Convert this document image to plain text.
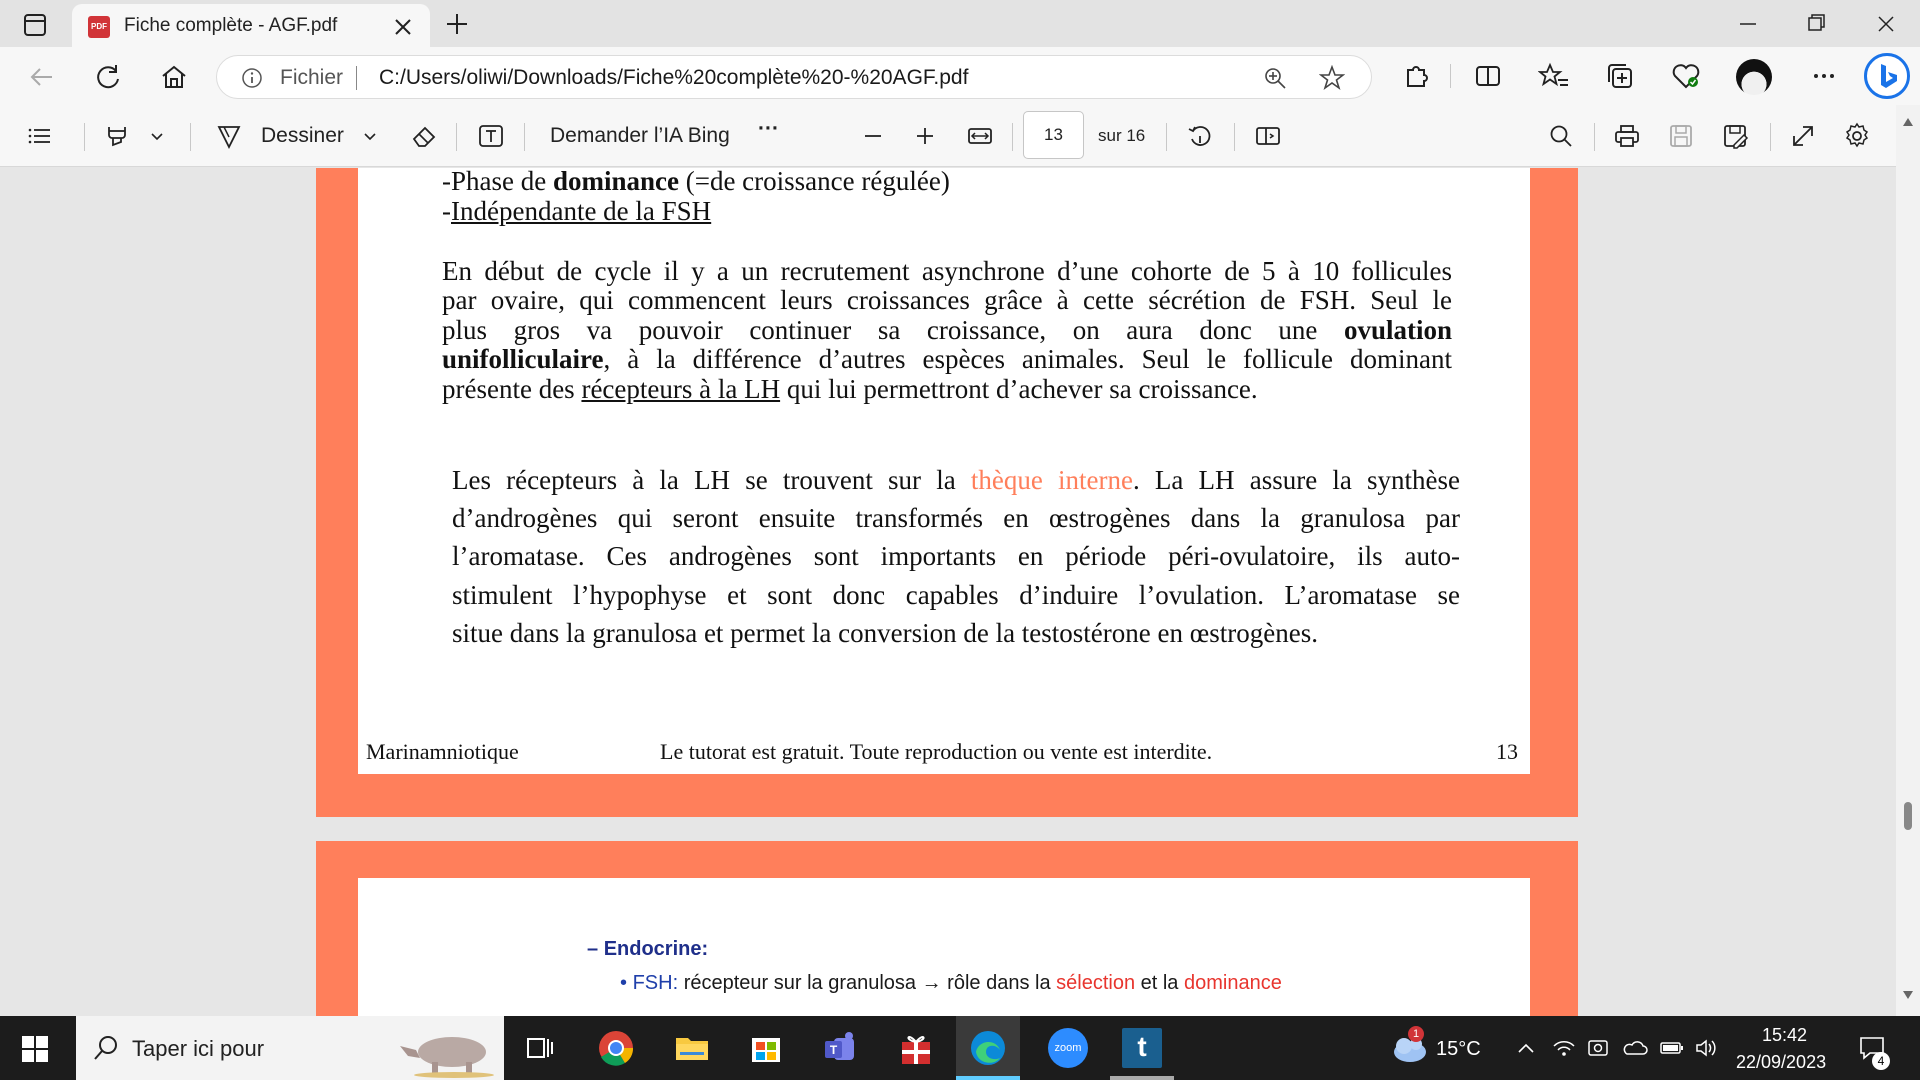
PDF Fiche complète - AGF.pdf
Fichier C:/Users/oliwi/Downloads/Fiche%20complète%20-%20AGF.pdf
Dessiner	Demander l’IA Bing ···	13	sur 16
-Phase de dominance (=de croissance régulée)
-Indépendante de la FSH
En début de cycle il y a un recrutement asynchrone d’une cohorte de 5 à 10 follicules
par ovaire, qui commencent leurs croissances grâce à cette sécrétion de FSH. Seul le
plus gros va pouvoir continuer sa croissance, on aura donc une ovulation
unifolliculaire, à la différence d’autres espèces animales. Seul le follicule dominant
présente des récepteurs à la LH qui lui permettront d’achever sa croissance.
Les récepteurs à la LH se trouvent sur la thèque interne. La LH assure la synthèse
d’androgènes qui seront ensuite transformés en œstrogènes dans la granulosa par
l’aromatase. Ces androgènes sont importants en période péri-ovulatoire, ils auto-
stimulent l’hypophyse et sont donc capables d’induire l’ovulation. L’aromatase se
situe dans la granulosa et permet la conversion de la testostérone en œstrogènes.
Marinamniotique	Le tutorat est gratuit. Toute reproduction ou vente est interdite.	13
– Endocrine:
• FSH: récepteur sur la granulosa → rôle dans la sélection et la dominance
Taper ici pour	T	zoom	t	1
15°C
15:42
22/09/2023	4
